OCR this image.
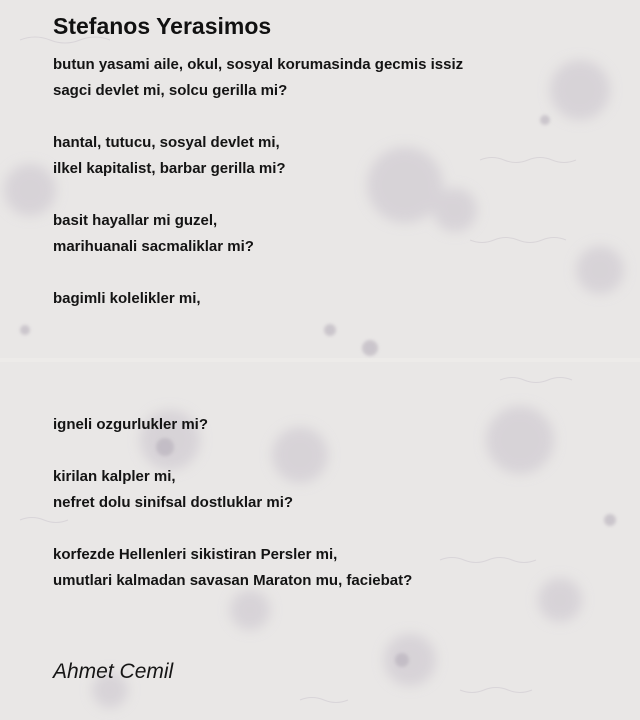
Stefanos Yerasimos

butun yasami aile, okul, sosyal korumasinda gecmis issiz

sagci devlet mi, solcu gerilla mi?

hantal, tutucu, sosyal devlet mi,

ilkel kapitalist, barbar gerilla mi?

basit hayallar mi guzel,

marihuanali sacmaliklar mi?

bagimli kolelikler mi,

igneli ozgurlukler mi?

kirilan kalpler mi,

nefret dolu sinifsal dostluklar mi?

korfezde Hellenleri sikistiran Persler mi,

umutlari kalmadan savasan Maraton mu, faciebat?

Ahmet Cemil
